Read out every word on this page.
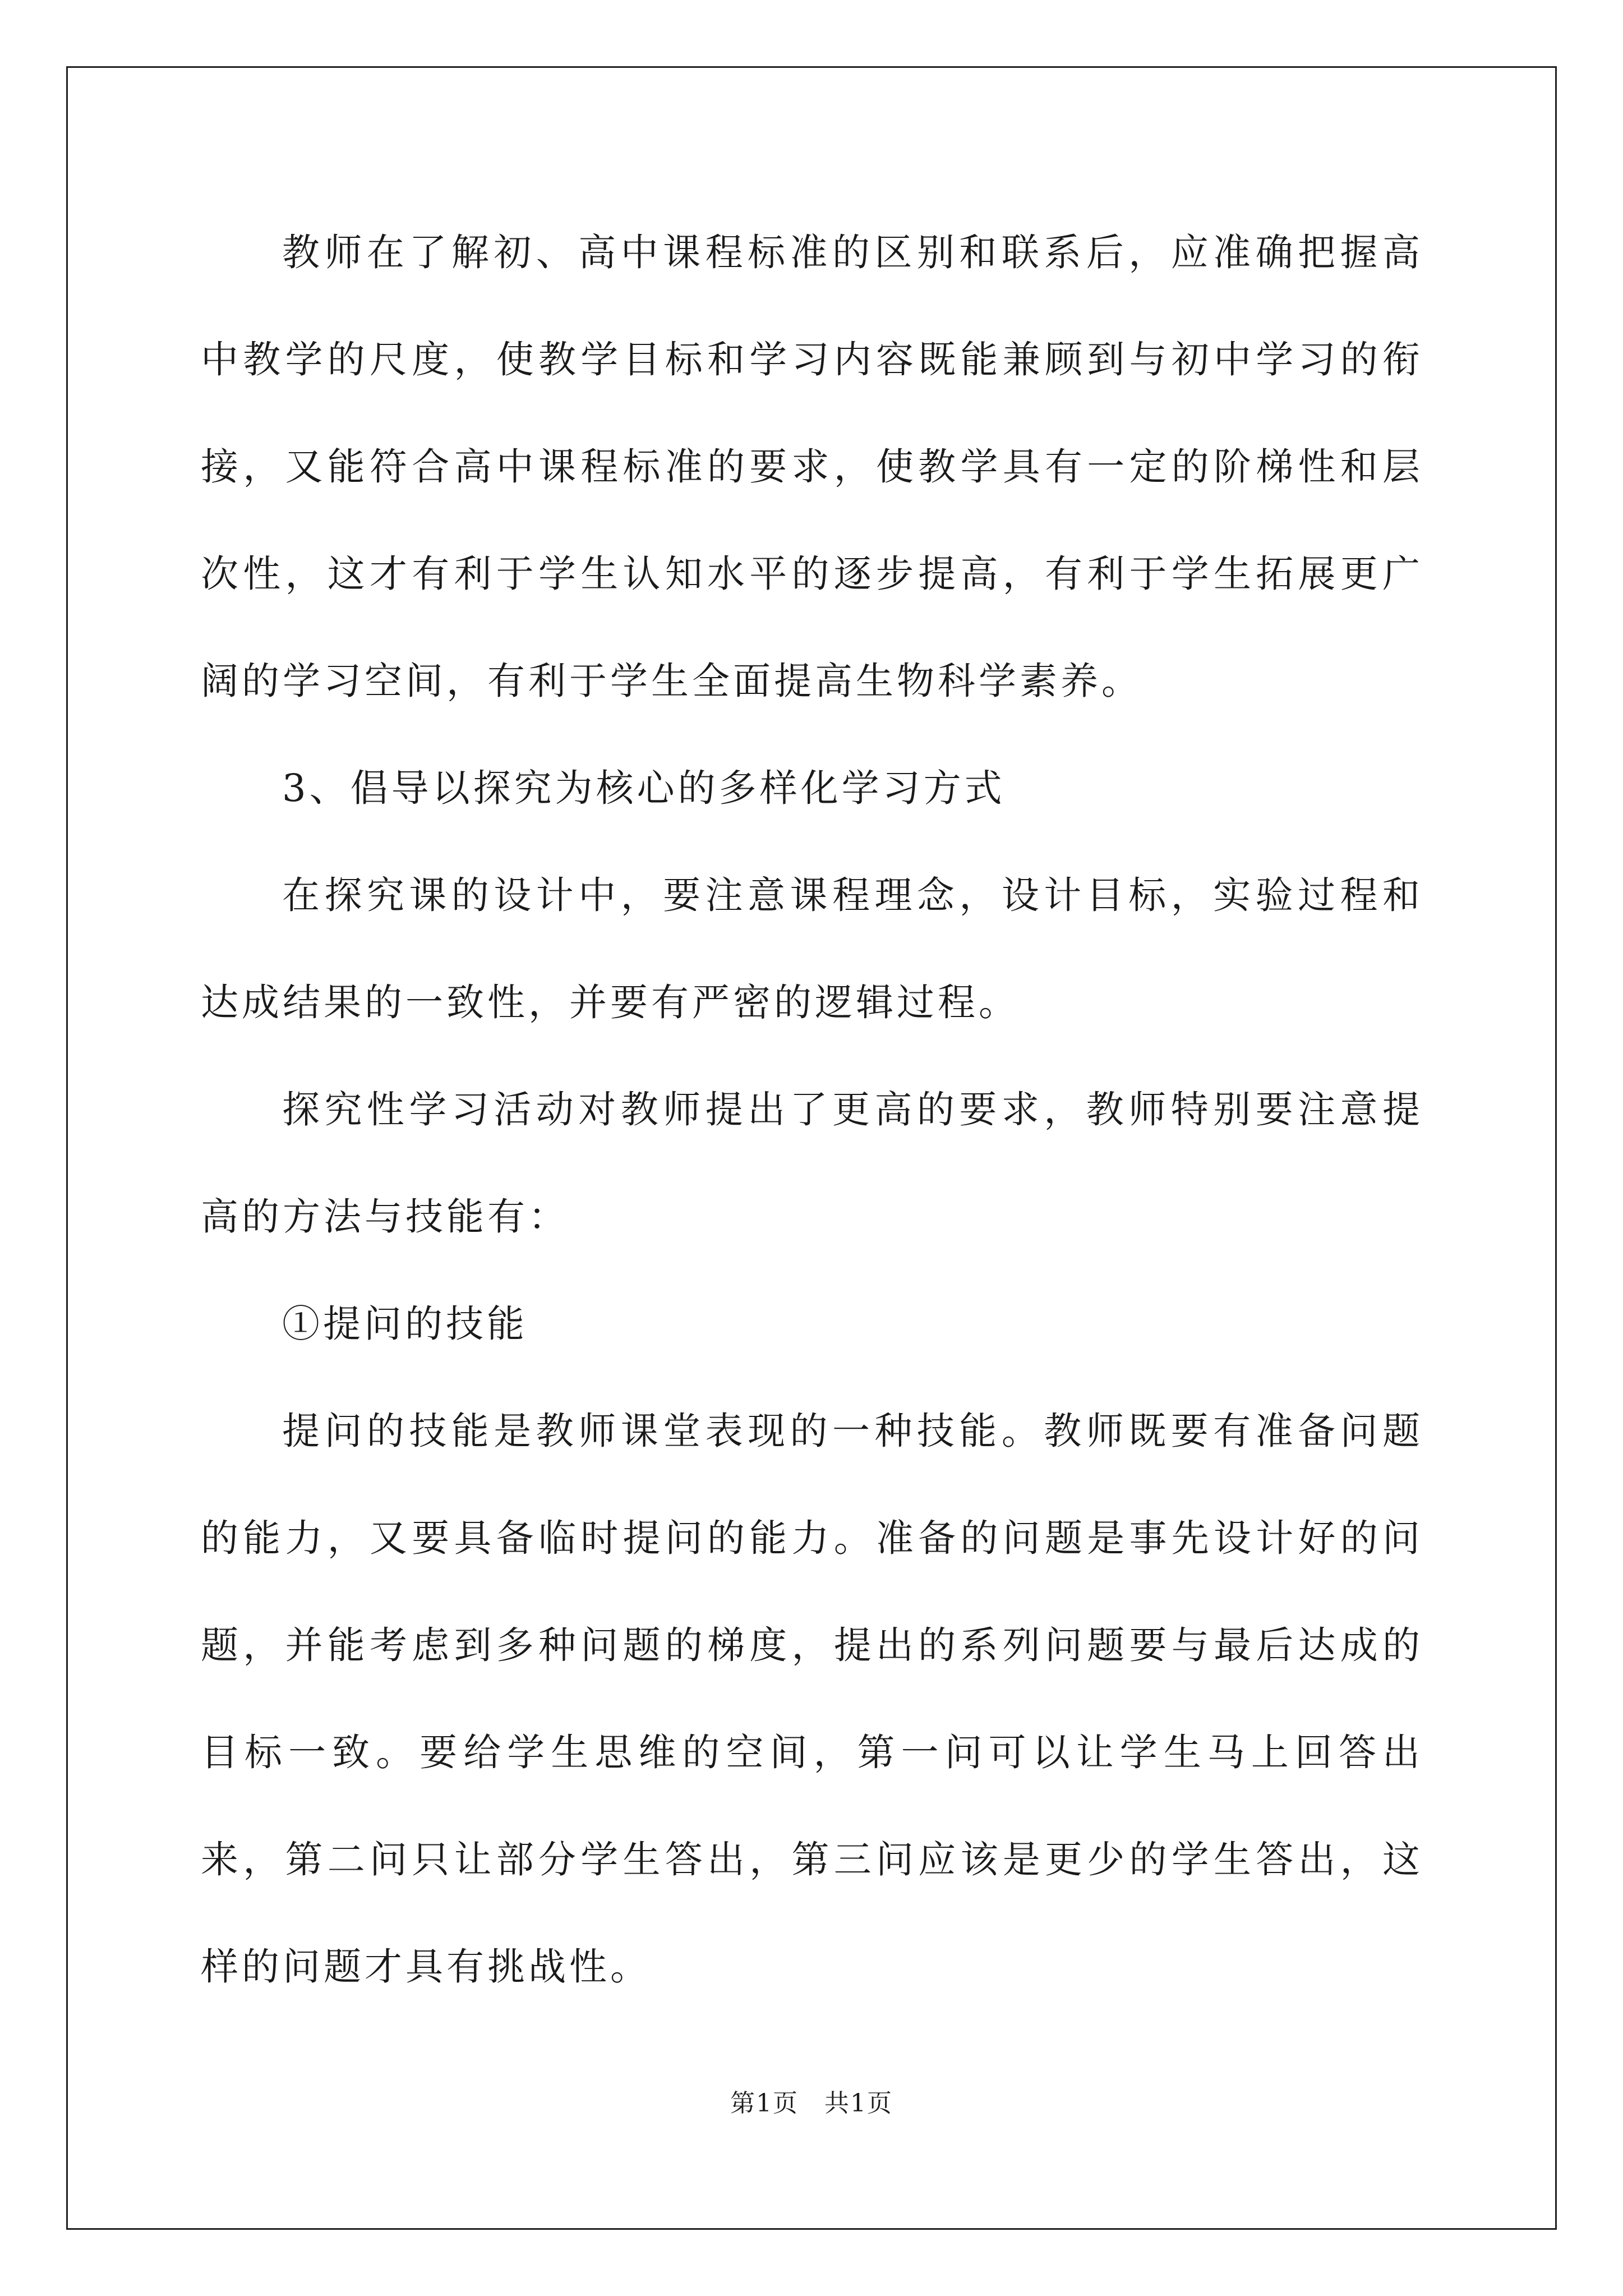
教师在了解初、高中课程标准的区别和联系后，应准确把握高中教学的尺度，使教学目标和学习内容既能兼顾到与初中学习的衔接，又能符合高中课程标准的要求，使教学具有一定的阶梯性和层次性，这才有利于学生认知水平的逐步提高，有利于学生拓展更广阔的学习空间，有利于学生全面提高生物科学素养。

3、倡导以探究为核心的多样化学习方式

在探究课的设计中，要注意课程理念，设计目标，实验过程和达成结果的一致性，并要有严密的逻辑过程。

探究性学习活动对教师提出了更高的要求，教师特别要注意提高的方法与技能有：

①提问的技能

提问的技能是教师课堂表现的一种技能。教师既要有准备问题的能力，又要具备临时提问的能力。准备的问题是事先设计好的问题，并能考虑到多种问题的梯度，提出的系列问题要与最后达成的目标一致。要给学生思维的空间，第一问可以让学生马上回答出来，第二问只让部分学生答出，第三问应该是更少的学生答出，这样的问题才具有挑战性。

第1页　共1页
